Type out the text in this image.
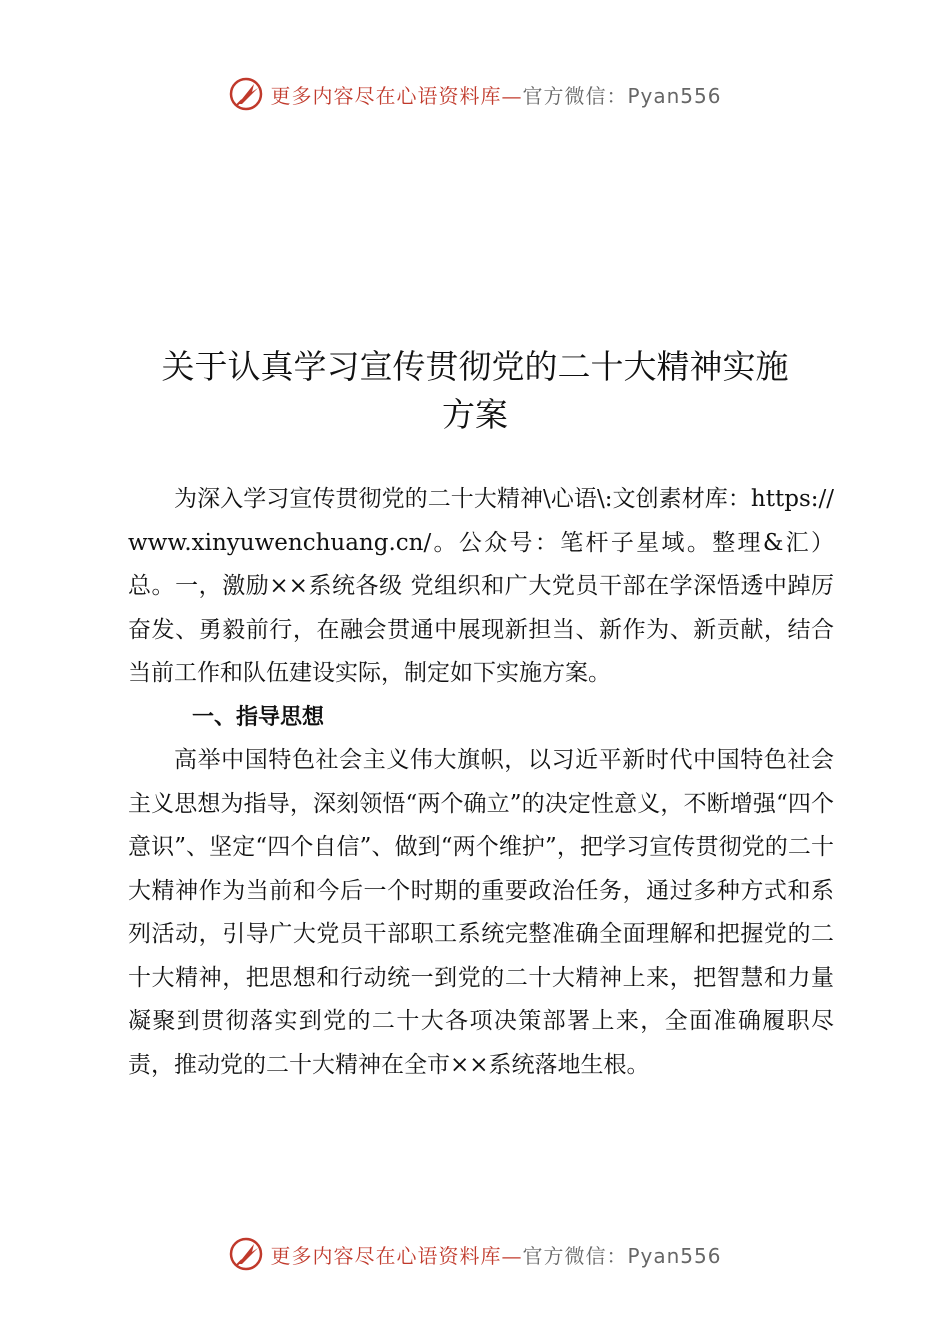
更多内容尽在心语资料库—官方微信：Pyan556
关于认真学习宣传贯彻党的二十大精神实施
方案

为深入学习宣传贯彻党的二十大精神\心语\:文创素材库：https://www.xinyuwenchuang.cn/。公众号：笔杆子星域。整理&汇）总。一，激励××系统各级 党组织和广大党员干部在学深悟透中踔厉奋发、勇毅前行，在融会贯通中展现新担当、新作为、新贡献，结合当前工作和队伍建设实际，制定如下实施方案。

一、指导思想

高举中国特色社会主义伟大旗帜，以习近平新时代中国特色社会主义思想为指导，深刻领悟“两个确立”的决定性意义，不断增强“四个意识”、坚定“四个自信”、做到“两个维护”，把学习宣传贯彻党的二十大精神作为当前和今后一个时期的重要政治任务，通过多种方式和系列活动，引导广大党员干部职工系统完整准确全面理解和把握党的二十大精神，把思想和行动统一到党的二十大精神上来，把智慧和力量凝聚到贯彻落实到党的二十大各项决策部署上来，全面准确履职尽责，推动党的二十大精神在全市××系统落地生根。

更多内容尽在心语资料库—官方微信：Pyan556
